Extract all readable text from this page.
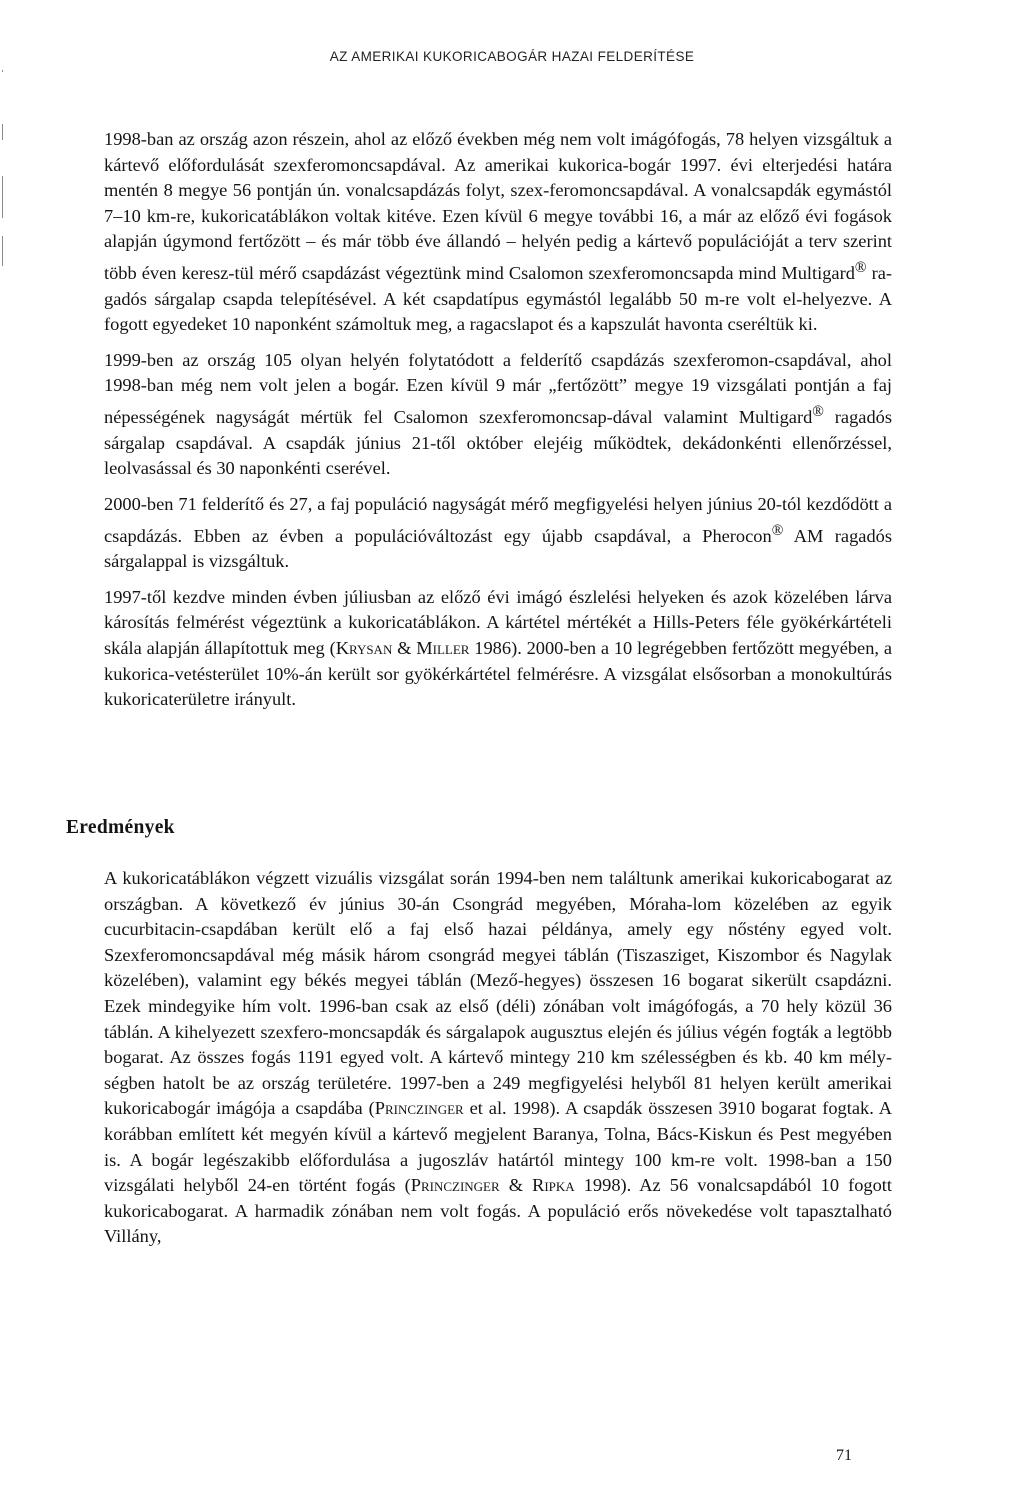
AZ AMERIKAI KUKORICABOGÁR HAZAI FELDERÍTÉSE

1998-ban az ország azon részein, ahol az előző években még nem volt imágófogás, 78 helyen vizsgáltuk a kártevő előfordulását szexferomoncsapdával. Az amerikai kukorica-bogár 1997. évi elterjedési határa mentén 8 megye 56 pontján ún. vonalcsapdázás folyt, szex-feromoncsapdával. A vonalcsapdák egymástól 7–10 km-re, kukoricatáblákon voltak kitéve. Ezen kívül 6 megye további 16, a már az előző évi fogások alapján úgymond fertőzött – és már több éve állandó – helyén pedig a kártevő populációját a terv szerint több éven keresz-tül mérő csapdázást végeztünk mind Csalomon szexferomoncsapda mind Multigard® ra-gadós sárgalap csapda telepítésével. A két csapdatípus egymástól legalább 50 m-re volt el-helyezve. A fogott egyedeket 10 naponként számoltuk meg, a ragacslapot és a kapszulát havonta cseréltük ki.

1999-ben az ország 105 olyan helyén folytatódott a felderítő csapdázás szexferomon-csapdával, ahol 1998-ban még nem volt jelen a bogár. Ezen kívül 9 már „fertőzött” megye 19 vizsgálati pontján a faj népességének nagyságát mértük fel Csalomon szexferomoncsap-dával valamint Multigard® ragadós sárgalap csapdával. A csapdák június 21-től október elejéig működtek, dekádonkénti ellenőrzéssel, leolvasással és 30 naponkénti cserével.

2000-ben 71 felderítő és 27, a faj populáció nagyságát mérő megfigyelési helyen június 20-tól kezdődött a csapdázás. Ebben az évben a populációváltozást egy újabb csapdával, a Pherocon® AM ragadós sárgalappal is vizsgáltuk.

1997-től kezdve minden évben júliusban az előző évi imágó észlelési helyeken és azok közelében lárva károsítás felmérést végeztünk a kukoricatáblákon. A kártétel mértékét a Hills-Peters féle gyökérkártételi skála alapján állapítottuk meg (Krysan & Miller 1986). 2000-ben a 10 legrégebben fertőzött megyében, a kukorica-vetésterület 10%-án került sor gyökérkártétel felmérésre. A vizsgálat elsősorban a monokultúrás kukoricaterületre irányult.

Eredmények

A kukoricatáblákon végzett vizuális vizsgálat során 1994-ben nem találtunk amerikai kukoricabogarat az országban. A következő év június 30-án Csongrád megyében, Móraha-lom közelében az egyik cucurbitacin-csapdában került elő a faj első hazai példánya, amely egy nőstény egyed volt. Szexferomoncsapdával még másik három csongrád megyei táblán (Tiszasziget, Kiszombor és Nagylak közelében), valamint egy békés megyei táblán (Mező-hegyes) összesen 16 bogarat sikerült csapdázni. Ezek mindegyike hím volt. 1996-ban csak az első (déli) zónában volt imágófogás, a 70 hely közül 36 táblán. A kihelyezett szexfero-moncsapdák és sárgalapok augusztus elején és július végén fogták a legtöbb bogarat. Az összes fogás 1191 egyed volt. A kártevő mintegy 210 km szélességben és kb. 40 km mély-ségben hatolt be az ország területére. 1997-ben a 249 megfigyelési helyből 81 helyen került amerikai kukoricabogár imágója a csapdába (Princzinger et al. 1998). A csapdák összesen 3910 bogarat fogtak. A korábban említett két megyén kívül a kártevő megjelent Baranya, Tolna, Bács-Kiskun és Pest megyében is. A bogár legészakibb előfordulása a jugoszláv határtól mintegy 100 km-re volt. 1998-ban a 150 vizsgálati helyből 24-en történt fogás (Princzinger & Ripka 1998). Az 56 vonalcsapdából 10 fogott kukoricabogarat. A harmadik zónában nem volt fogás. A populáció erős növekedése volt tapasztalható Villány,

71
